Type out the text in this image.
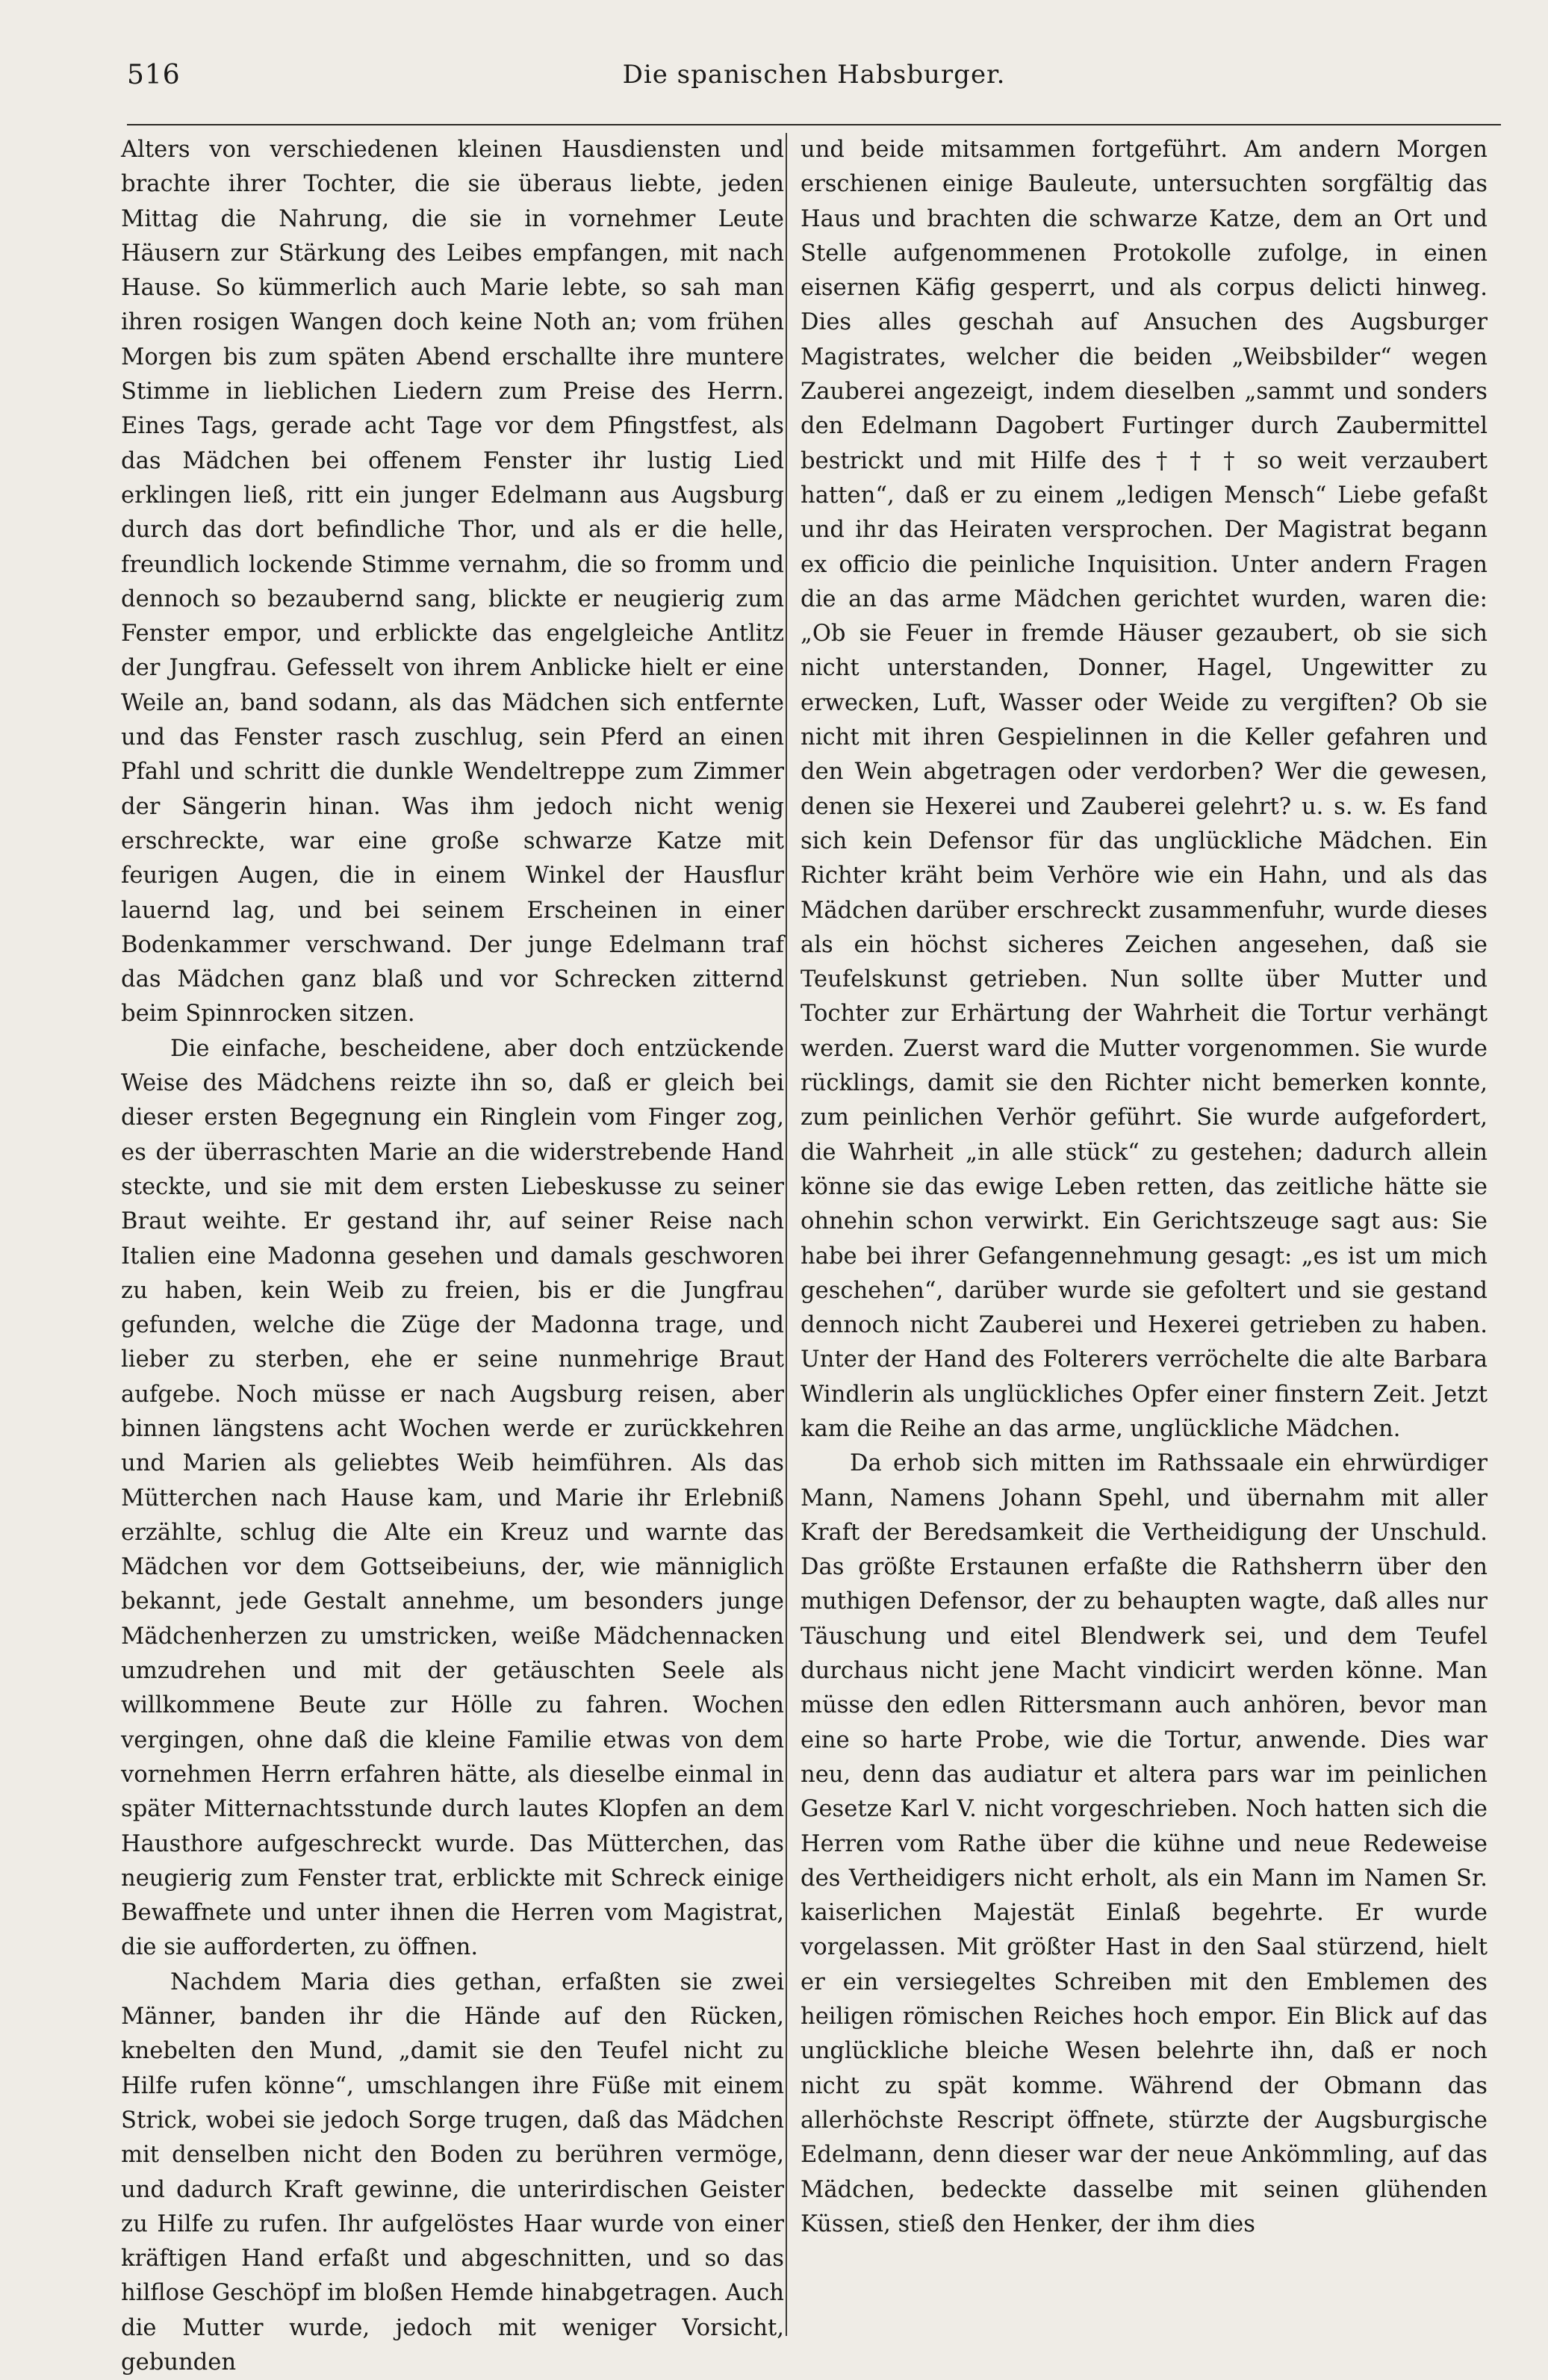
516	Die spanischen Habsburger.

Alters von verschiedenen kleinen Hausdiensten und brachte ihrer Tochter, die sie überaus liebte, jeden Mittag die Nahrung, die sie in vornehmer Leute Häusern zur Stärkung des Leibes empfangen, mit nach Hause. So kümmerlich auch Marie lebte, so sah man ihren rosigen Wangen doch keine Noth an; vom frühen Morgen bis zum späten Abend erschallte ihre muntere Stimme in lieblichen Liedern zum Preise des Herrn. Eines Tags, gerade acht Tage vor dem Pfingstfest, als das Mädchen bei offenem Fenster ihr lustig Lied erklingen ließ, ritt ein junger Edelmann aus Augsburg durch das dort befindliche Thor, und als er die helle, freundlich lockende Stimme vernahm, die so fromm und dennoch so bezaubernd sang, blickte er neugierig zum Fenster empor, und erblickte das engelgleiche Antlitz der Jungfrau. Gefesselt von ihrem Anblicke hielt er eine Weile an, band sodann, als das Mädchen sich entfernte und das Fenster rasch zuschlug, sein Pferd an einen Pfahl und schritt die dunkle Wendeltreppe zum Zimmer der Sängerin hinan. Was ihm jedoch nicht wenig erschreckte, war eine große schwarze Katze mit feurigen Augen, die in einem Winkel der Hausflur lauernd lag, und bei seinem Erscheinen in einer Bodenkammer verschwand. Der junge Edelmann traf das Mädchen ganz blaß und vor Schrecken zitternd beim Spinnrocken sitzen.

Die einfache, bescheidene, aber doch entzückende Weise des Mädchens reizte ihn so, daß er gleich bei dieser ersten Begegnung ein Ringlein vom Finger zog, es der überraschten Marie an die widerstrebende Hand steckte, und sie mit dem ersten Liebeskusse zu seiner Braut weihte. Er gestand ihr, auf seiner Reise nach Italien eine Madonna gesehen und damals geschworen zu haben, kein Weib zu freien, bis er die Jungfrau gefunden, welche die Züge der Madonna trage, und lieber zu sterben, ehe er seine nunmehrige Braut aufgebe. Noch müsse er nach Augsburg reisen, aber binnen längstens acht Wochen werde er zurückkehren und Marien als geliebtes Weib heimführen. Als das Mütterchen nach Hause kam, und Marie ihr Erlebniß erzählte, schlug die Alte ein Kreuz und warnte das Mädchen vor dem Gottseibeiuns, der, wie männiglich bekannt, jede Gestalt annehme, um besonders junge Mädchenherzen zu umstricken, weiße Mädchennacken umzudrehen und mit der getäuschten Seele als willkommene Beute zur Hölle zu fahren. Wochen vergingen, ohne daß die kleine Familie etwas von dem vornehmen Herrn erfahren hätte, als dieselbe einmal in später Mitternachtsstunde durch lautes Klopfen an dem Hausthore aufgeschreckt wurde. Das Mütterchen, das neugierig zum Fenster trat, erblickte mit Schreck einige Bewaffnete und unter ihnen die Herren vom Magistrat, die sie aufforderten, zu öffnen.

Nachdem Maria dies gethan, erfaßten sie zwei Männer, banden ihr die Hände auf den Rücken, knebelten den Mund, „damit sie den Teufel nicht zu Hilfe rufen könne“, umschlangen ihre Füße mit einem Strick, wobei sie jedoch Sorge trugen, daß das Mädchen mit denselben nicht den Boden zu berühren vermöge, und dadurch Kraft gewinne, die unterirdischen Geister zu Hilfe zu rufen. Ihr aufgelöstes Haar wurde von einer kräftigen Hand erfaßt und abgeschnitten, und so das hilflose Geschöpf im bloßen Hemde hinabgetragen. Auch die Mutter wurde, jedoch mit weniger Vorsicht, gebunden

und beide mitsammen fortgeführt. Am andern Morgen erschienen einige Bauleute, untersuchten sorgfältig das Haus und brachten die schwarze Katze, dem an Ort und Stelle aufgenommenen Protokolle zufolge, in einen eisernen Käfig gesperrt, und als corpus delicti hinweg. Dies alles geschah auf Ansuchen des Augsburger Magistrates, welcher die beiden „Weibsbilder“ wegen Zauberei angezeigt, indem dieselben „sammt und sonders den Edelmann Dagobert Furtinger durch Zaubermittel bestrickt und mit Hilfe des † † † so weit verzaubert hatten“, daß er zu einem „ledigen Mensch“ Liebe gefaßt und ihr das Heiraten versprochen. Der Magistrat begann ex officio die peinliche Inquisition. Unter andern Fragen die an das arme Mädchen gerichtet wurden, waren die: „Ob sie Feuer in fremde Häuser gezaubert, ob sie sich nicht unterstanden, Donner, Hagel, Ungewitter zu erwecken, Luft, Wasser oder Weide zu vergiften? Ob sie nicht mit ihren Gespielinnen in die Keller gefahren und den Wein abgetragen oder verdorben? Wer die gewesen, denen sie Hexerei und Zauberei gelehrt? u. s. w. Es fand sich kein Defensor für das unglückliche Mädchen. Ein Richter kräht beim Verhöre wie ein Hahn, und als das Mädchen darüber erschreckt zusammenfuhr, wurde dieses als ein höchst sicheres Zeichen angesehen, daß sie Teufelskunst getrieben. Nun sollte über Mutter und Tochter zur Erhärtung der Wahrheit die Tortur verhängt werden. Zuerst ward die Mutter vorgenommen. Sie wurde rücklings, damit sie den Richter nicht bemerken konnte, zum peinlichen Verhör geführt. Sie wurde aufgefordert, die Wahrheit „in alle stück“ zu gestehen; dadurch allein könne sie das ewige Leben retten, das zeitliche hätte sie ohnehin schon verwirkt. Ein Gerichtszeuge sagt aus: Sie habe bei ihrer Gefangennehmung gesagt: „es ist um mich geschehen“, darüber wurde sie gefoltert und sie gestand dennoch nicht Zauberei und Hexerei getrieben zu haben. Unter der Hand des Folterers verröchelte die alte Barbara Windlerin als unglückliches Opfer einer finstern Zeit. Jetzt kam die Reihe an das arme, unglückliche Mädchen.

Da erhob sich mitten im Rathssaale ein ehrwürdiger Mann, Namens Johann Spehl, und übernahm mit aller Kraft der Beredsamkeit die Vertheidigung der Unschuld. Das größte Erstaunen erfaßte die Rathsherrn über den muthigen Defensor, der zu behaupten wagte, daß alles nur Täuschung und eitel Blendwerk sei, und dem Teufel durchaus nicht jene Macht vindicirt werden könne. Man müsse den edlen Rittersmann auch anhören, bevor man eine so harte Probe, wie die Tortur, anwende. Dies war neu, denn das audiatur et altera pars war im peinlichen Gesetze Karl V. nicht vorgeschrieben. Noch hatten sich die Herren vom Rathe über die kühne und neue Redeweise des Vertheidigers nicht erholt, als ein Mann im Namen Sr. kaiserlichen Majestät Einlaß begehrte. Er wurde vorgelassen. Mit größter Hast in den Saal stürzend, hielt er ein versiegeltes Schreiben mit den Emblemen des heiligen römischen Reiches hoch empor. Ein Blick auf das unglückliche bleiche Wesen belehrte ihn, daß er noch nicht zu spät komme. Während der Obmann das allerhöchste Rescript öffnete, stürzte der Augsburgische Edelmann, denn dieser war der neue Ankömmling, auf das Mädchen, bedeckte dasselbe mit seinen glühenden Küssen, stieß den Henker, der ihm dies
